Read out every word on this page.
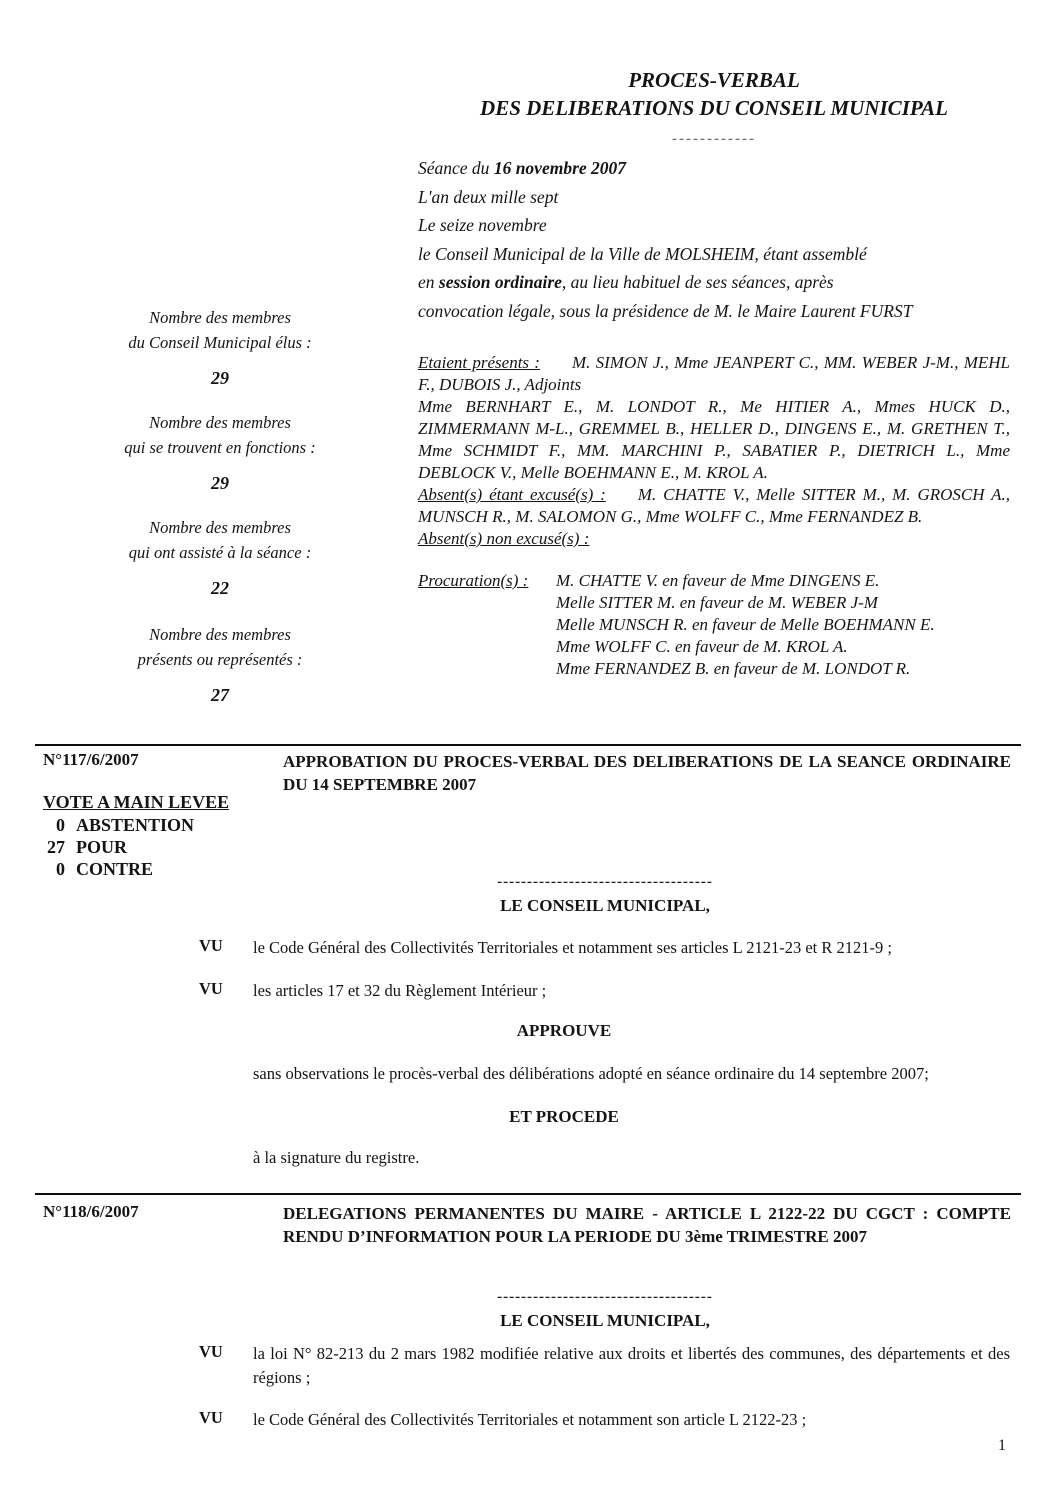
PROCES-VERBAL
DES DELIBERATIONS DU CONSEIL MUNICIPAL
------------
Séance du 16 novembre 2007
L'an deux mille sept
Le seize novembre
le Conseil Municipal de la Ville de MOLSHEIM, étant assemblé
en session ordinaire, au lieu habituel de ses séances, après
convocation légale, sous la présidence de M. le Maire Laurent FURST
Nombre des membres
du Conseil Municipal élus :
29
Nombre des membres
qui se trouvent en fonctions :
29
Nombre des membres
qui ont assisté à la séance :
22
Nombre des membres
présents ou représentés :
27

Etaient présents : M. SIMON J., Mme JEANPERT C., MM. WEBER J-M., MEHL F., DUBOIS J., Adjoints

Mme BERNHART E., M. LONDOT R., Me HITIER A., Mmes HUCK D., ZIMMERMANN M-L., GREMMEL B., HELLER D., DINGENS E., M. GRETHEN T., Mme SCHMIDT F., MM. MARCHINI P., SABATIER P., DIETRICH L., Mme DEBLOCK V., Melle BOEHMANN E., M. KROL A.

Absent(s) étant excusé(s) : M. CHATTE V., Melle SITTER M., M. GROSCH A., MUNSCH R., M. SALOMON G., Mme WOLFF C., Mme FERNANDEZ B.

Absent(s) non excusé(s) :

Procuration(s) : M. CHATTE V. en faveur de Mme DINGENS E.
Melle SITTER M. en faveur de M. WEBER J-M
Melle MUNSCH R. en faveur de Melle BOEHMANN E.
Mme WOLFF C. en faveur de M. KROL A.
Mme FERNANDEZ B. en faveur de M. LONDOT R.
N°117/6/2007	APPROBATION DU PROCES-VERBAL DES DELIBERATIONS DE LA SEANCE ORDINAIRE DU 14 SEPTEMBRE 2007
VOTE A MAIN LEVEE
0 ABSTENTION
27 POUR
0 CONTRE
------------------------------------
LE CONSEIL MUNICIPAL,
VU le Code Général des Collectivités Territoriales et notamment ses articles L 2121-23 et R 2121-9 ;
VU les articles 17 et 32 du Règlement Intérieur ;
APPROUVE
sans observations le procès-verbal des délibérations adopté en séance ordinaire du 14 septembre 2007;
ET PROCEDE
à la signature du registre.
N°118/6/2007	DELEGATIONS PERMANENTES DU MAIRE - ARTICLE L 2122-22 DU CGCT : COMPTE RENDU D’INFORMATION POUR LA PERIODE DU 3ème TRIMESTRE 2007
------------------------------------
LE CONSEIL MUNICIPAL,
VU la loi N° 82-213 du 2 mars 1982 modifiée relative aux droits et libertés des communes, des départements et des régions ;
VU le Code Général des Collectivités Territoriales et notamment son article L 2122-23 ;
1
